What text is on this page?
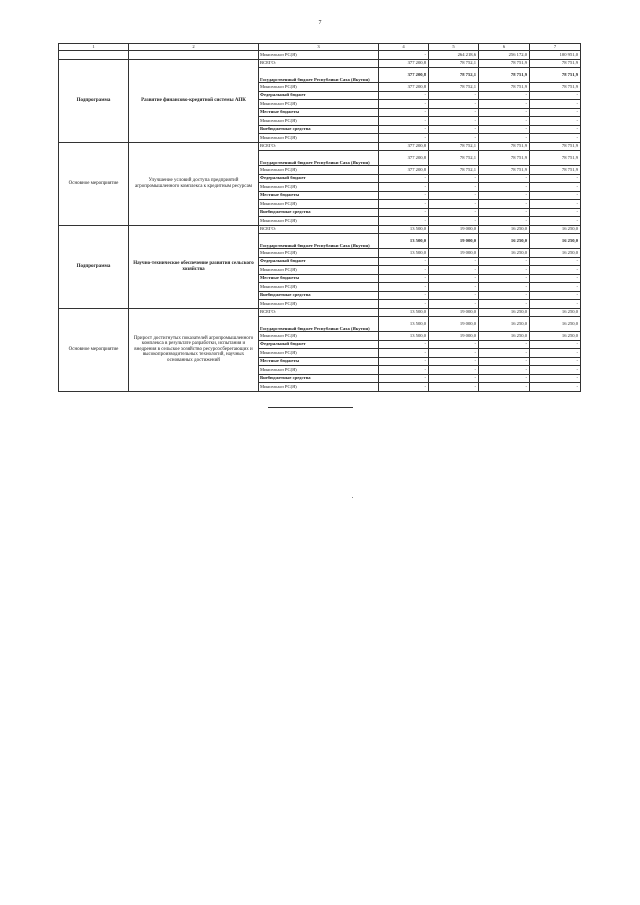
7
1	2	3	4	5	6	7
		Минсельхоз РС(Я)	-	264 218,6	256 172,0	100 951,0
Подпрограмма	Развитие финансово-кредитной системы АПК	ВСЕГО:	377 200,8	78 752,1	78 751,9	78 751,9
		Государственный бюджет Республики Саха (Якутия)	377 200,8	78 752,1	78 751,9	78 751,9
		Минсельхоз РС(Я)	377 200,8	78 752,1	78 751,9	78 751,9
		Федеральный бюджет	-	-	-	-
		Минсельхоз РС(Я)	-	-	-	-
		Местные бюджеты	-	-	-	-
		Минсельхоз РС(Я)	-	-	-	-
		Внебюджетные средства	-	-	-	-
		Минсельхоз РС(Я)	-	-	-	-
Основное мероприятие	Улучшение условий доступа предприятий агропромышленного комплекса к кредитным ресурсам	ВСЕГО:	377 200,8	78 752,1	78 751,9	78 751,9
		Государственный бюджет Республики Саха (Якутия)	377 200,8	78 752,1	78 751,9	78 751,9
		Минсельхоз РС(Я)	377 200,8	78 752,1	78 751,9	78 751,9
		Федеральный бюджет	-	-	-	-
		Минсельхоз РС(Я)	-	-	-	-
		Местные бюджеты	-	-	-	-
		Минсельхоз РС(Я)	-	-	-	-
		Внебюджетные средства	-	-	-	-
		Минсельхоз РС(Я)	-	-	-	-
Подпрограмма	Научно-техническое обеспечение развития сельского хозяйства	ВСЕГО:	13 500,0	19 000,0	16 250,0	16 250,0
		Государственный бюджет Республики Саха (Якутия)	13 500,0	19 000,0	16 250,0	16 250,0
		Минсельхоз РС(Я)	13 500,0	19 000,0	16 250,0	16 250,0
		Федеральный бюджет	-	-	-	-
		Минсельхоз РС(Я)	-	-	-	-
		Местные бюджеты	-	-	-	-
		Минсельхоз РС(Я)	-	-	-	-
		Внебюджетные средства	-	-	-	-
		Минсельхоз РС(Я)	-	-	-	-
Основное мероприятие	Прирост достигнутых показателей агропромышленного комплекса в результате разработки, испытания и внедрения в сельское хозяйство ресурсосберегающих и высокопроизводительных технологий, научных основанных достижений	ВСЕГО:	13 500,0	19 000,0	16 250,0	16 250,0
		Государственный бюджет Республики Саха (Якутия)	13 500,0	19 000,0	16 250,0	16 250,0
		Минсельхоз РС(Я)	13 500,0	19 000,0	16 250,0	16 250,0
		Федеральный бюджет	-	-	-	-
		Минсельхоз РС(Я)	-	-	-	-
		Местные бюджеты	-	-	-	-
		Минсельхоз РС(Я)	-	-	-	-
		Внебюджетные средства	-	-	-	-
		Минсельхоз РС(Я)	-	-	-	-
